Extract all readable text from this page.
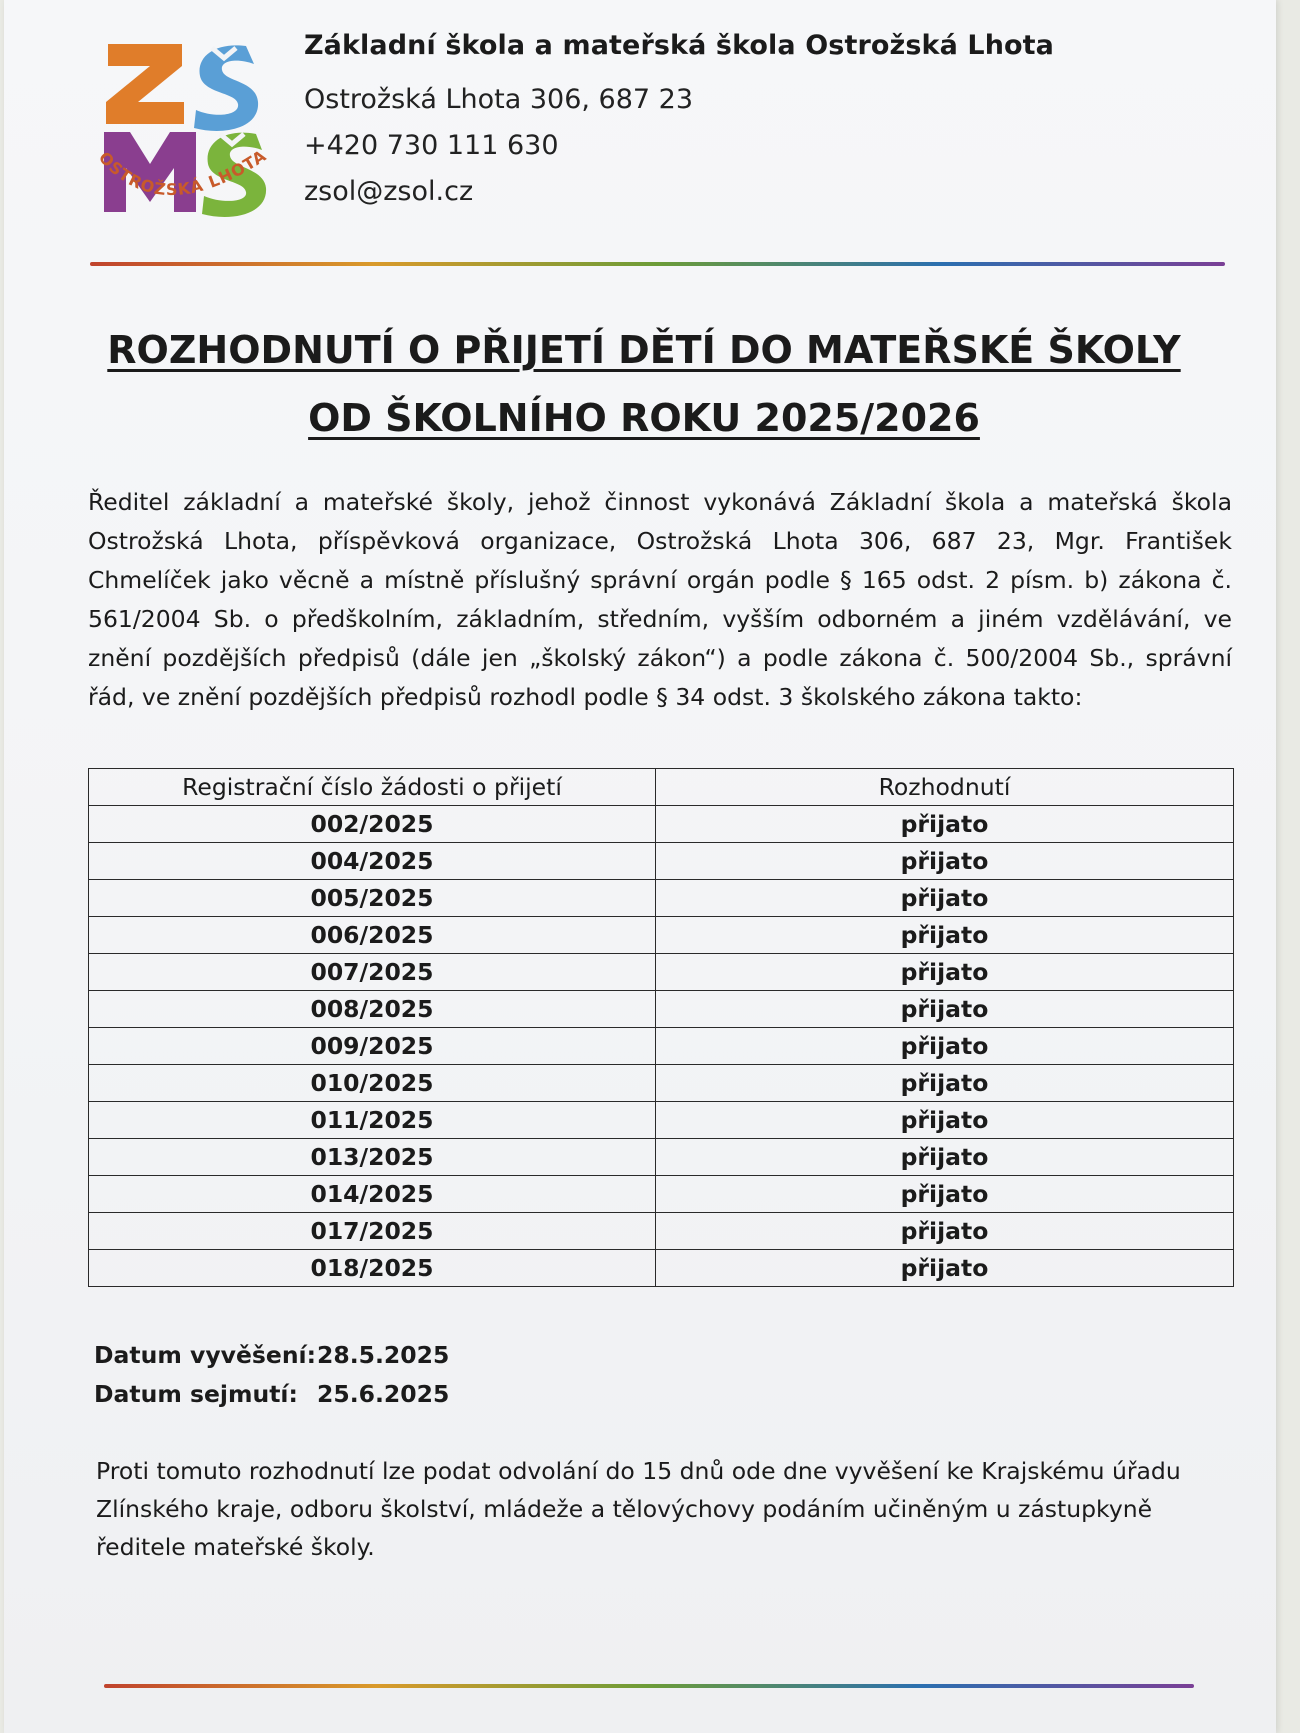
OSTROŽSKÁ LHOTA
Základní škola a mateřská škola Ostrožská Lhota
Ostrožská Lhota 306, 687 23
+420 730 111 630
zsol@zsol.cz
ROZHODNUTÍ O PŘIJETÍ DĚTÍ DO MATEŘSKÉ ŠKOLY
OD ŠKOLNÍHO ROKU 2025/2026
Ředitel základní a mateřské školy, jehož činnost vykonává Základní škola a mateřská škola Ostrožská Lhota, příspěvková organizace, Ostrožská Lhota 306, 687 23, Mgr. František Chmelíček jako věcně a místně příslušný správní orgán podle § 165 odst. 2 písm. b) zákona č. 561/2004 Sb. o předškolním, základním, středním, vyšším odborném a jiném vzdělávání, ve znění pozdějších předpisů (dále jen „školský zákon“) a podle zákona č. 500/2004 Sb., správní řád, ve znění pozdějších předpisů rozhodl podle § 34 odst. 3 školského zákona takto:
Registrační číslo žádosti o přijetí	Rozhodnutí
002/2025	přijato
004/2025	přijato
005/2025	přijato
006/2025	přijato
007/2025	přijato
008/2025	přijato
009/2025	přijato
010/2025	přijato
011/2025	přijato
013/2025	přijato
014/2025	přijato
017/2025	přijato
018/2025	přijato
Datum vyvěšení:28.5.2025
Datum sejmutí: 25.6.2025
Proti tomuto rozhodnutí lze podat odvolání do 15 dnů ode dne vyvěšení ke Krajskému úřadu Zlínského kraje, odboru školství, mládeže a tělovýchovy podáním učiněným u zástupkyně ředitele mateřské školy.
